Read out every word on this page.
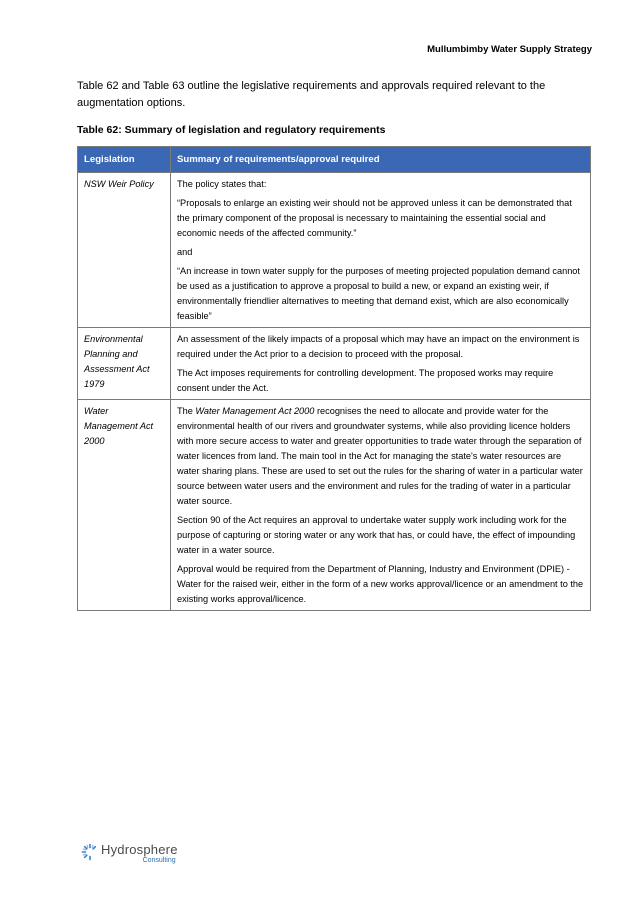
Mullumbimby Water Supply Strategy

Table 62 and Table 63 outline the legislative requirements and approvals required relevant to the augmentation options.

Table 62: Summary of legislation and regulatory requirements

Legislation	Summary of requirements/approval required
NSW Weir Policy	The policy states that:

“Proposals to enlarge an existing weir should not be approved unless it can be demonstrated that the primary component of the proposal is necessary to maintaining the essential social and economic needs of the affected community.”

and

“An increase in town water supply for the purposes of meeting projected population demand cannot be used as a justification to approve a proposal to build a new, or expand an existing weir, if environmentally friendlier alternatives to meeting that demand exist, which are also economically feasible”

Environmental Planning and Assessment Act 1979	An assessment of the likely impacts of a proposal which may have an impact on the environment is required under the Act prior to a decision to proceed with the proposal.

The Act imposes requirements for controlling development. The proposed works may require consent under the Act.

Water Management Act 2000	The Water Management Act 2000 recognises the need to allocate and provide water for the environmental health of our rivers and groundwater systems, while also providing licence holders with more secure access to water and greater opportunities to trade water through the separation of water licences from land. The main tool in the Act for managing the state's water resources are water sharing plans. These are used to set out the rules for the sharing of water in a particular water source between water users and the environment and rules for the trading of water in a particular water source.

Section 90 of the Act requires an approval to undertake water supply work including work for the purpose of capturing or storing water or any work that has, or could have, the effect of impounding water in a water source.

Approval would be required from the Department of Planning, Industry and Environment (DPIE) - Water for the raised weir, either in the form of a new works approval/licence or an amendment to the existing works approval/licence.

Hydrosphere
Consulting
